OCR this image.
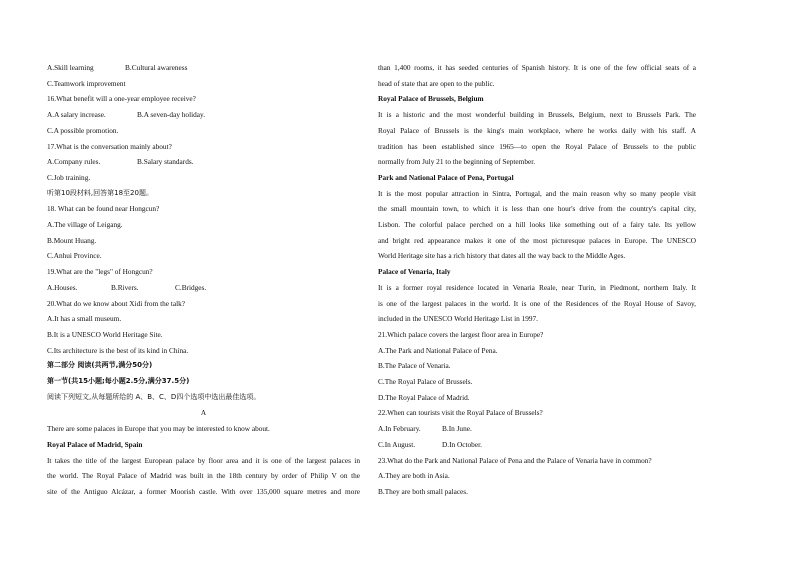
A.Skill learning	B.Cultural awareness
C.Teamwork improvement
16.What benefit will a one-year employee receive?
A.A salary increase.	B.A seven-day holiday.
C.A possible promotion.
17.What is the conversation mainly about?
A.Company rules.	B.Salary standards.
C.Job training.
听第10段材料,回答第18至20题。
18. What can be found near Hongcun?
A.The village of Leigang.
B.Mount Huang.
C.Anhui Province.
19.What are the "legs" of Hongcun?
A.Houses.	B.Rivers.	C.Bridges.
20.What do we know about Xidi from the talk?
A.It has a small museum.
B.It is a UNESCO World Heritage Site.
C.Its architecture is the best of its kind in China.
第二部分 阅读(共两节,满分50分)
第一节(共15小题;每小题2.5分,满分37.5分)
阅读下列短文,从每题所给的 A、B、C、D四个选项中选出最佳选项。
A
There are some palaces in Europe that you may be interested to know about.
Royal Palace of Madrid, Spain
It takes the title of the largest European palace by floor area and it is one of the largest palaces in
the world. The Royal Palace of Madrid was built in the 18th century by order of Philip V on the
site of the Antiguo Alcázar, a former Moorish castle. With over 135,000 square metres and more
than 1,400 rooms, it has seeded centuries of Spanish history. It is one of the few official seats of a
head of state that are open to the public.
Royal Palace of Brussels, Belgium
It is a historic and the most wonderful building in Brussels, Belgium, next to Brussels Park. The
Royal Palace of Brussels is the king's main workplace, where he works daily with his staff. A
tradition has been established since 1965—to open the Royal Palace of Brussels to the public
normally from July 21 to the beginning of September.
Park and National Palace of Pena, Portugal
It is the most popular attraction in Sintra, Portugal, and the main reason why so many people visit
the small mountain town, to which it is less than one hour's drive from the country's capital city,
Lisbon. The colorful palace perched on a hill looks like something out of a fairy tale. Its yellow
and bright red appearance makes it one of the most picturesque palaces in Europe. The UNESCO
World Heritage site has a rich history that dates all the way back to the Middle Ages.
Palace of Venaria, Italy
It is a former royal residence located in Venaria Reale, near Turin, in Piedmont, northern Italy. It
is one of the largest palaces in the world. It is one of the Residences of the Royal House of Savoy,
included in the UNESCO World Heritage List in 1997.
21.Which palace covers the largest floor area in Europe?
A.The Park and National Palace of Pena.
B.The Palace of Venaria.
C.The Royal Palace of Brussels.
D.The Royal Palace of Madrid.
22.When can tourists visit the Royal Palace of Brussels?
A.In February.	B.In June.
C.In August.	D.In October.
23.What do the Park and National Palace of Pena and the Palace of Venaria have in common?
A.They are both in Asia.
B.They are both small palaces.
